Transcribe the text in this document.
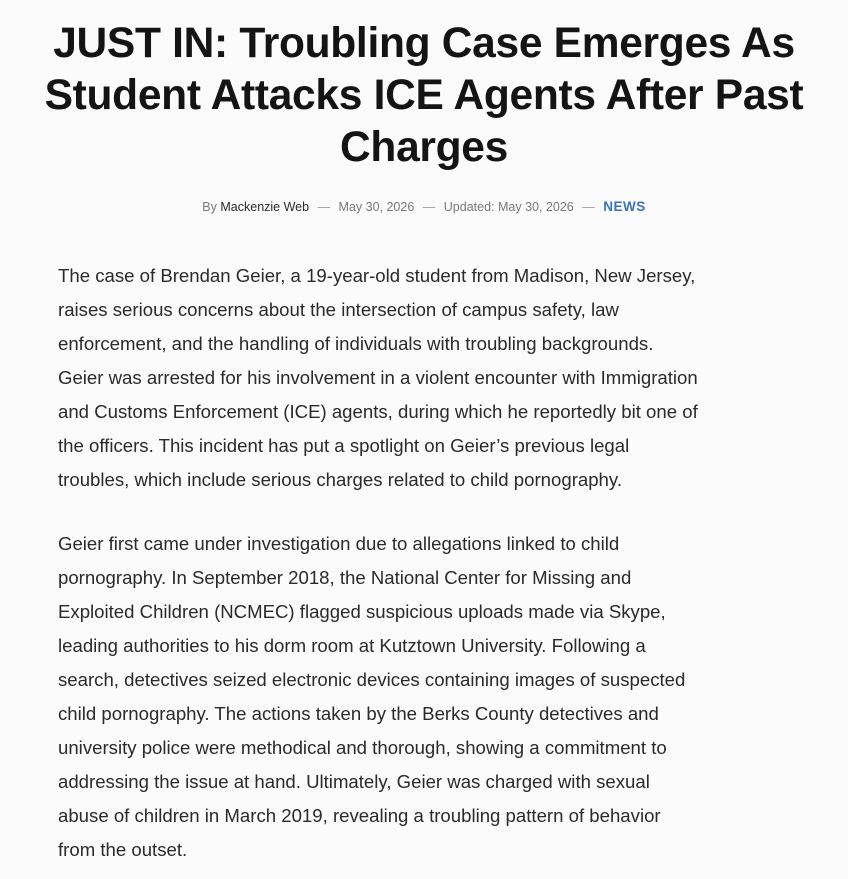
JUST IN: Troubling Case Emerges As
Student Attacks ICE Agents After Past
Charges
By Mackenzie Web — May 30, 2026 — Updated: May 30, 2026 — NEWS

The case of Brendan Geier, a 19-year-old student from Madison, New Jersey,
raises serious concerns about the intersection of campus safety, law
enforcement, and the handling of individuals with troubling backgrounds.
Geier was arrested for his involvement in a violent encounter with Immigration
and Customs Enforcement (ICE) agents, during which he reportedly bit one of
the officers. This incident has put a spotlight on Geier’s previous legal
troubles, which include serious charges related to child pornography.

Geier first came under investigation due to allegations linked to child
pornography. In September 2018, the National Center for Missing and
Exploited Children (NCMEC) flagged suspicious uploads made via Skype,
leading authorities to his dorm room at Kutztown University. Following a
search, detectives seized electronic devices containing images of suspected
child pornography. The actions taken by the Berks County detectives and
university police were methodical and thorough, showing a commitment to
addressing the issue at hand. Ultimately, Geier was charged with sexual
abuse of children in March 2019, revealing a troubling pattern of behavior
from the outset.
